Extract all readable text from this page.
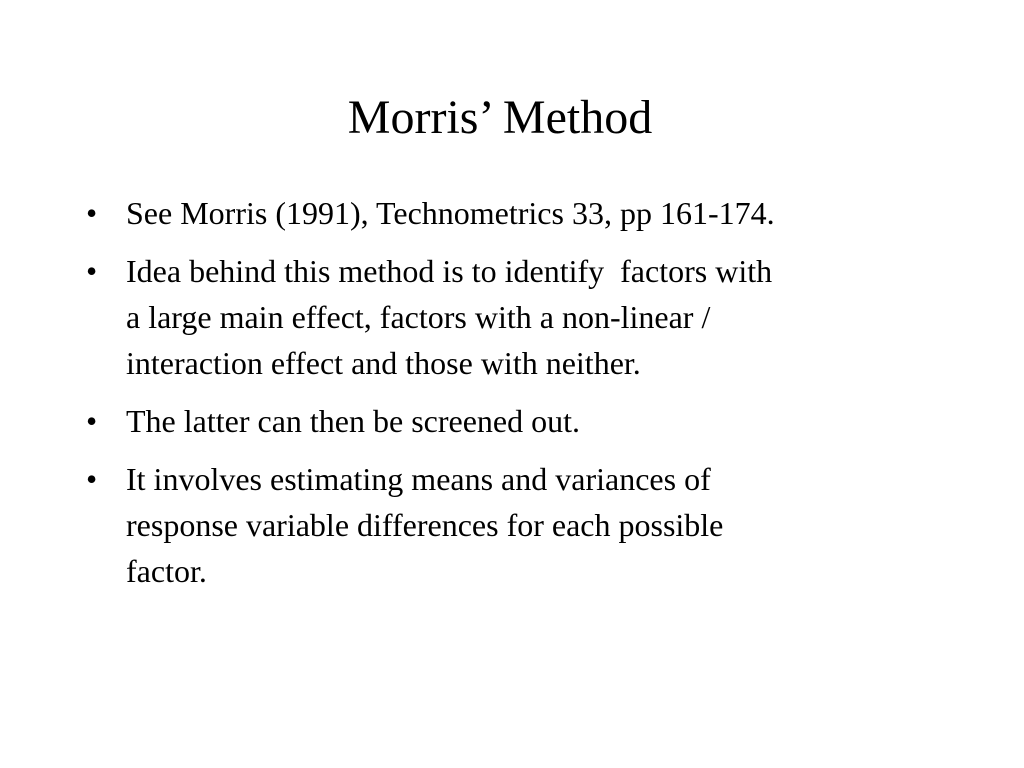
Morris’ Method
• See Morris (1991), Technometrics 33, pp 161-174.
• Idea behind this method is to identify  factors with
a large main effect, factors with a non-linear /
interaction effect and those with neither.
• The latter can then be screened out.
• It involves estimating means and variances of
response variable differences for each possible
factor.
